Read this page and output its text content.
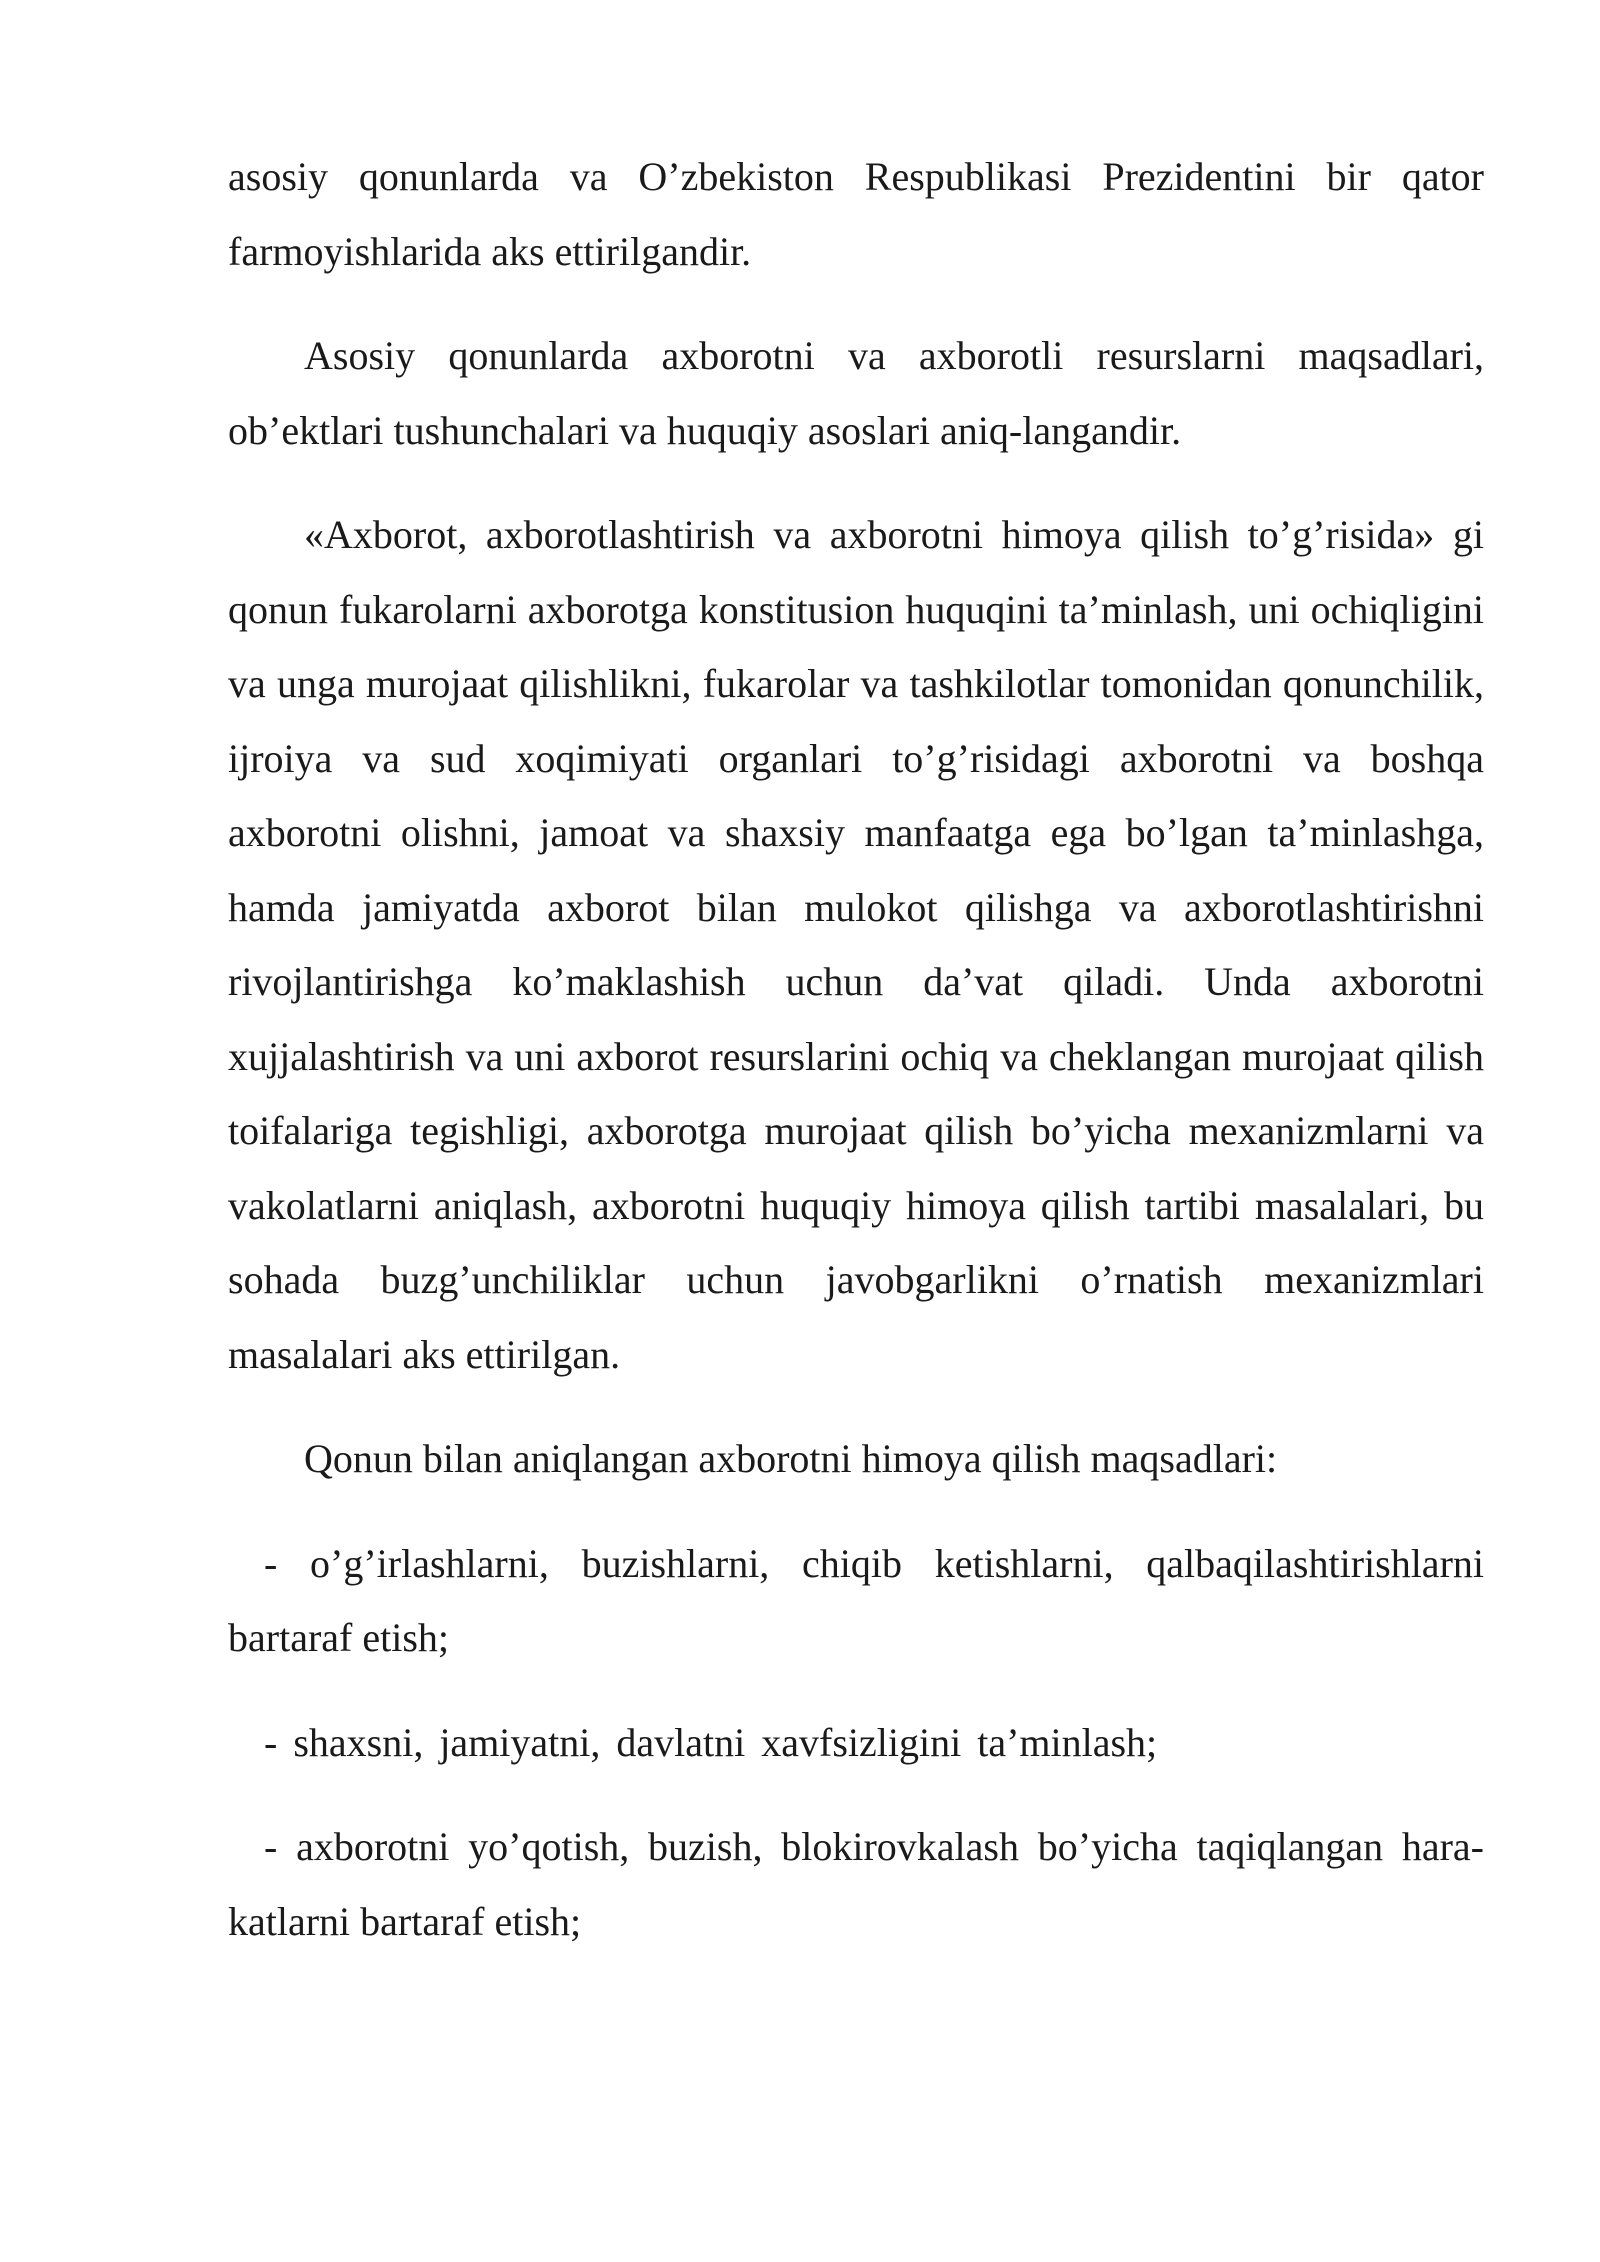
asosiy qonunlarda va O’zbekiston Respublikasi Prezidentini bir qator farmoyishlarida aks ettirilgandir.

Asosiy qonunlarda axborotni va axborotli resurslarni maqsadlari, ob’ektlari tushunchalari va huquqiy asoslari aniq-langandir.

«Axborot, axborotlashtirish va axborotni himoya qilish to’g’risida» gi qonun fukarolarni axborotga konstitusion huquqini ta’minlash, uni ochiqligini va unga murojaat qilishlikni, fukarolar va tashkilotlar tomonidan qonunchilik, ijroiya va sud xoqimiyati organlari to’g’risidagi axborotni va boshqa axborotni olishni, jamoat va shaxsiy manfaatga ega bo’lgan ta’minlashga, hamda jamiyatda axborot bilan mulokot qilishga va axborotlashtirishni rivojlantirishga ko’maklashish uchun da’vat qiladi. Unda axborotni xujjalashtirish va uni axborot resurslarini ochiq va cheklangan murojaat qilish toifalariga tegishligi, axborotga murojaat qilish bo’yicha mexanizmlarni va vakolatlarni aniqlash, axborotni huquqiy himoya qilish tartibi masalalari, bu sohada buzg’unchiliklar uchun javobgarlikni o’rnatish mexanizmlari masalalari aks ettirilgan.

Qonun bilan aniqlangan axborotni himoya qilish maqsadlari:

- o’g’irlashlarni, buzishlarni, chiqib ketishlarni, qalbaqilashtirishlarni bartaraf etish;

- shaxsni, jamiyatni, davlatni xavfsizligini ta’minlash;

- axborotni yo’qotish, buzish, blokirovkalash bo’yicha taqiqlangan hara-katlarni bartaraf etish;
